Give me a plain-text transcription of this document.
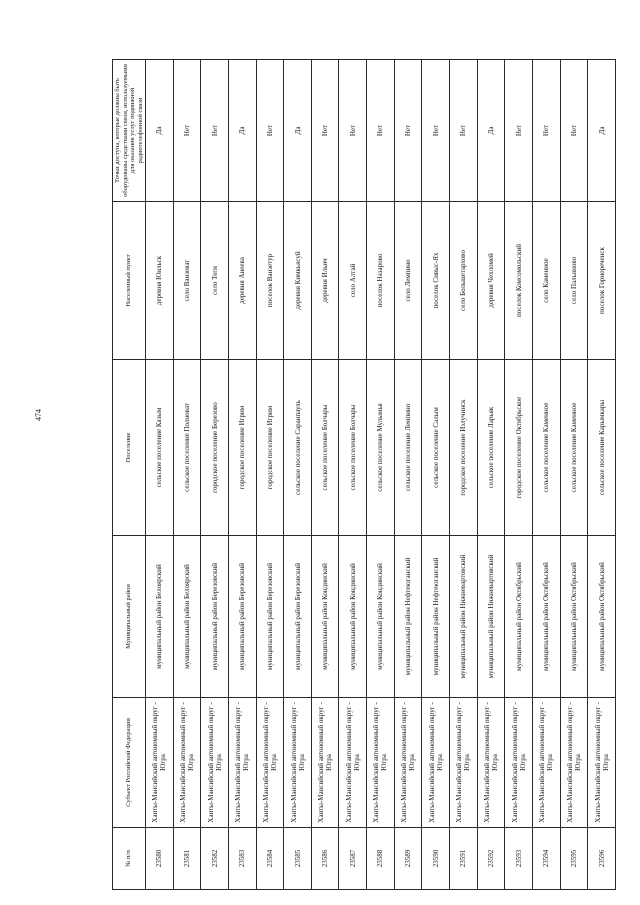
474
№ п/п	Субъект Российской Федерации	Муниципальный район	Поселение	Населенный пункт	Точки доступа, которые должны быть оборудованы средствами связи, используемыми для оказания услуг подвижной радиотелефонной связи
23580	Ханты-Мансийский автономный округ - Югра	муниципальный район Белоярский	сельское поселение Казым	деревня Юильск	Да
23581	Ханты-Мансийский автономный округ - Югра	муниципальный район Белоярский	сельское поселение Полноват	село Ванзеват	Нет
23582	Ханты-Мансийский автономный округ - Югра	муниципальный район Березовский	городское поселение Березово	село Теги	Нет
23583	Ханты-Мансийский автономный округ - Югра	муниципальный район Березовский	городское поселение Игрим	деревня Анеева	Да
23584	Ханты-Мансийский автономный округ - Югра	муниципальный район Березовский	городское поселение Игрим	поселок Ванзетур	Нет
23585	Ханты-Мансийский автономный округ - Югра	муниципальный район Березовский	сельское поселение Саранпауль	деревня Кимкьясуй	Да
23586	Ханты-Мансийский автономный округ - Югра	муниципальный район Кондинский	сельское поселение Болчары	деревня Ильич	Нет
23587	Ханты-Мансийский автономный округ - Югра	муниципальный район Кондинский	сельское поселение Болчары	село Алтай	Нет
23588	Ханты-Мансийский автономный округ - Югра	муниципальный район Кондинский	сельское поселение Мулымья	поселок Назарово	Нет
23589	Ханты-Мансийский автономный округ - Югра	муниципальный район Нефтеюганский	сельское поселение Лемпино	село Лемпино	Нет
23590	Ханты-Мансийский автономный округ - Югра	муниципальный район Нефтеюганский	сельское поселение Салым	поселок Сивыс-Ях	Нет
23591	Ханты-Мансийский автономный округ - Югра	муниципальный район Нижневартовский	городское поселение Излучинск	село Большетархово	Нет
23592	Ханты-Мансийский автономный округ - Югра	муниципальный район Нижневартовский	сельское поселение Ларьяк	деревня Чехломей	Да
23593	Ханты-Мансийский автономный округ - Югра	муниципальный район Октябрьский	городское поселение Октябрьское	поселок Комсомольский	Нет
23594	Ханты-Мансийский автономный округ - Югра	муниципальный район Октябрьский	сельское поселение Каменное	село Каменное	Нет
23595	Ханты-Мансийский автономный округ - Югра	муниципальный район Октябрьский	сельское поселение Каменное	село Пальяново	Нет
23596	Ханты-Мансийский автономный округ - Югра	муниципальный район Октябрьский	сельское поселение Карымкары	поселок Горнореченск	Да
